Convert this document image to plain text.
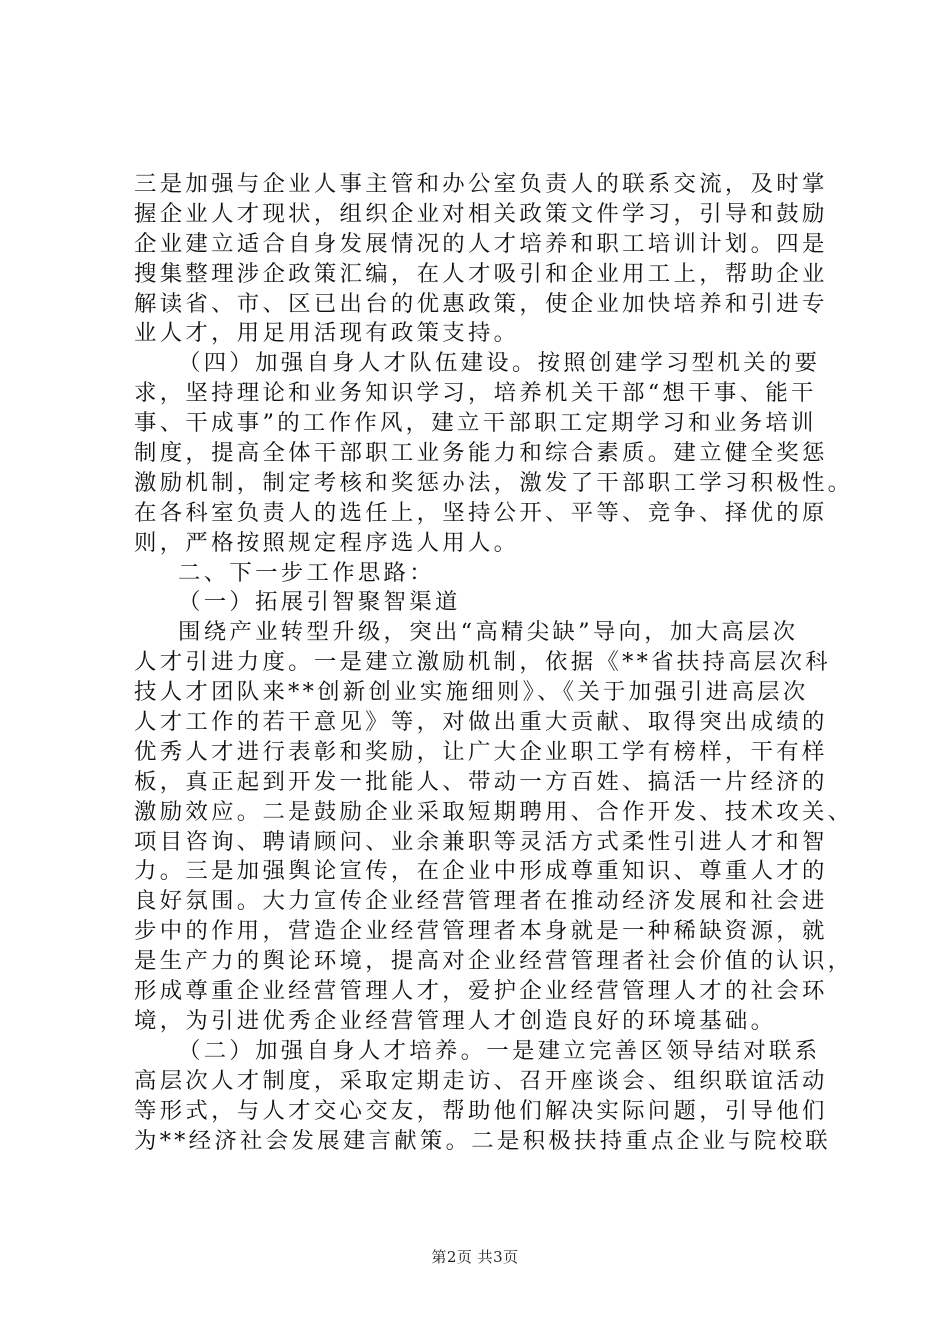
三是加强与企业人事主管和办公室负责人的联系交流，及时掌
握企业人才现状，组织企业对相关政策文件学习，引导和鼓励
企业建立适合自身发展情况的人才培养和职工培训计划。四是
搜集整理涉企政策汇编，在人才吸引和企业用工上，帮助企业
解读省、市、区已出台的优惠政策，使企业加快培养和引进专
业人才，用足用活现有政策支持。
（四）加强自身人才队伍建设。按照创建学习型机关的要
求，坚持理论和业务知识学习，培养机关干部“想干事、能干
事、干成事”的工作作风，建立干部职工定期学习和业务培训
制度，提高全体干部职工业务能力和综合素质。建立健全奖惩
激励机制，制定考核和奖惩办法，激发了干部职工学习积极性。
在各科室负责人的选任上，坚持公开、平等、竞争、择优的原
则，严格按照规定程序选人用人。
二、下一步工作思路：
（一）拓展引智聚智渠道
围绕产业转型升级，突出“高精尖缺”导向，加大高层次
人才引进力度。一是建立激励机制，依据《**省扶持高层次科
技人才团队来**创新创业实施细则》、《关于加强引进高层次
人才工作的若干意见》等，对做出重大贡献、取得突出成绩的
优秀人才进行表彰和奖励，让广大企业职工学有榜样，干有样
板，真正起到开发一批能人、带动一方百姓、搞活一片经济的
激励效应。二是鼓励企业采取短期聘用、合作开发、技术攻关、
项目咨询、聘请顾问、业余兼职等灵活方式柔性引进人才和智
力。三是加强舆论宣传，在企业中形成尊重知识、尊重人才的
良好氛围。大力宣传企业经营管理者在推动经济发展和社会进
步中的作用，营造企业经营管理者本身就是一种稀缺资源，就
是生产力的舆论环境，提高对企业经营管理者社会价值的认识，
形成尊重企业经营管理人才，爱护企业经营管理人才的社会环
境，为引进优秀企业经营管理人才创造良好的环境基础。
（二）加强自身人才培养。一是建立完善区领导结对联系
高层次人才制度，采取定期走访、召开座谈会、组织联谊活动
等形式，与人才交心交友，帮助他们解决实际问题，引导他们
为**经济社会发展建言献策。二是积极扶持重点企业与院校联
第2页 共3页
